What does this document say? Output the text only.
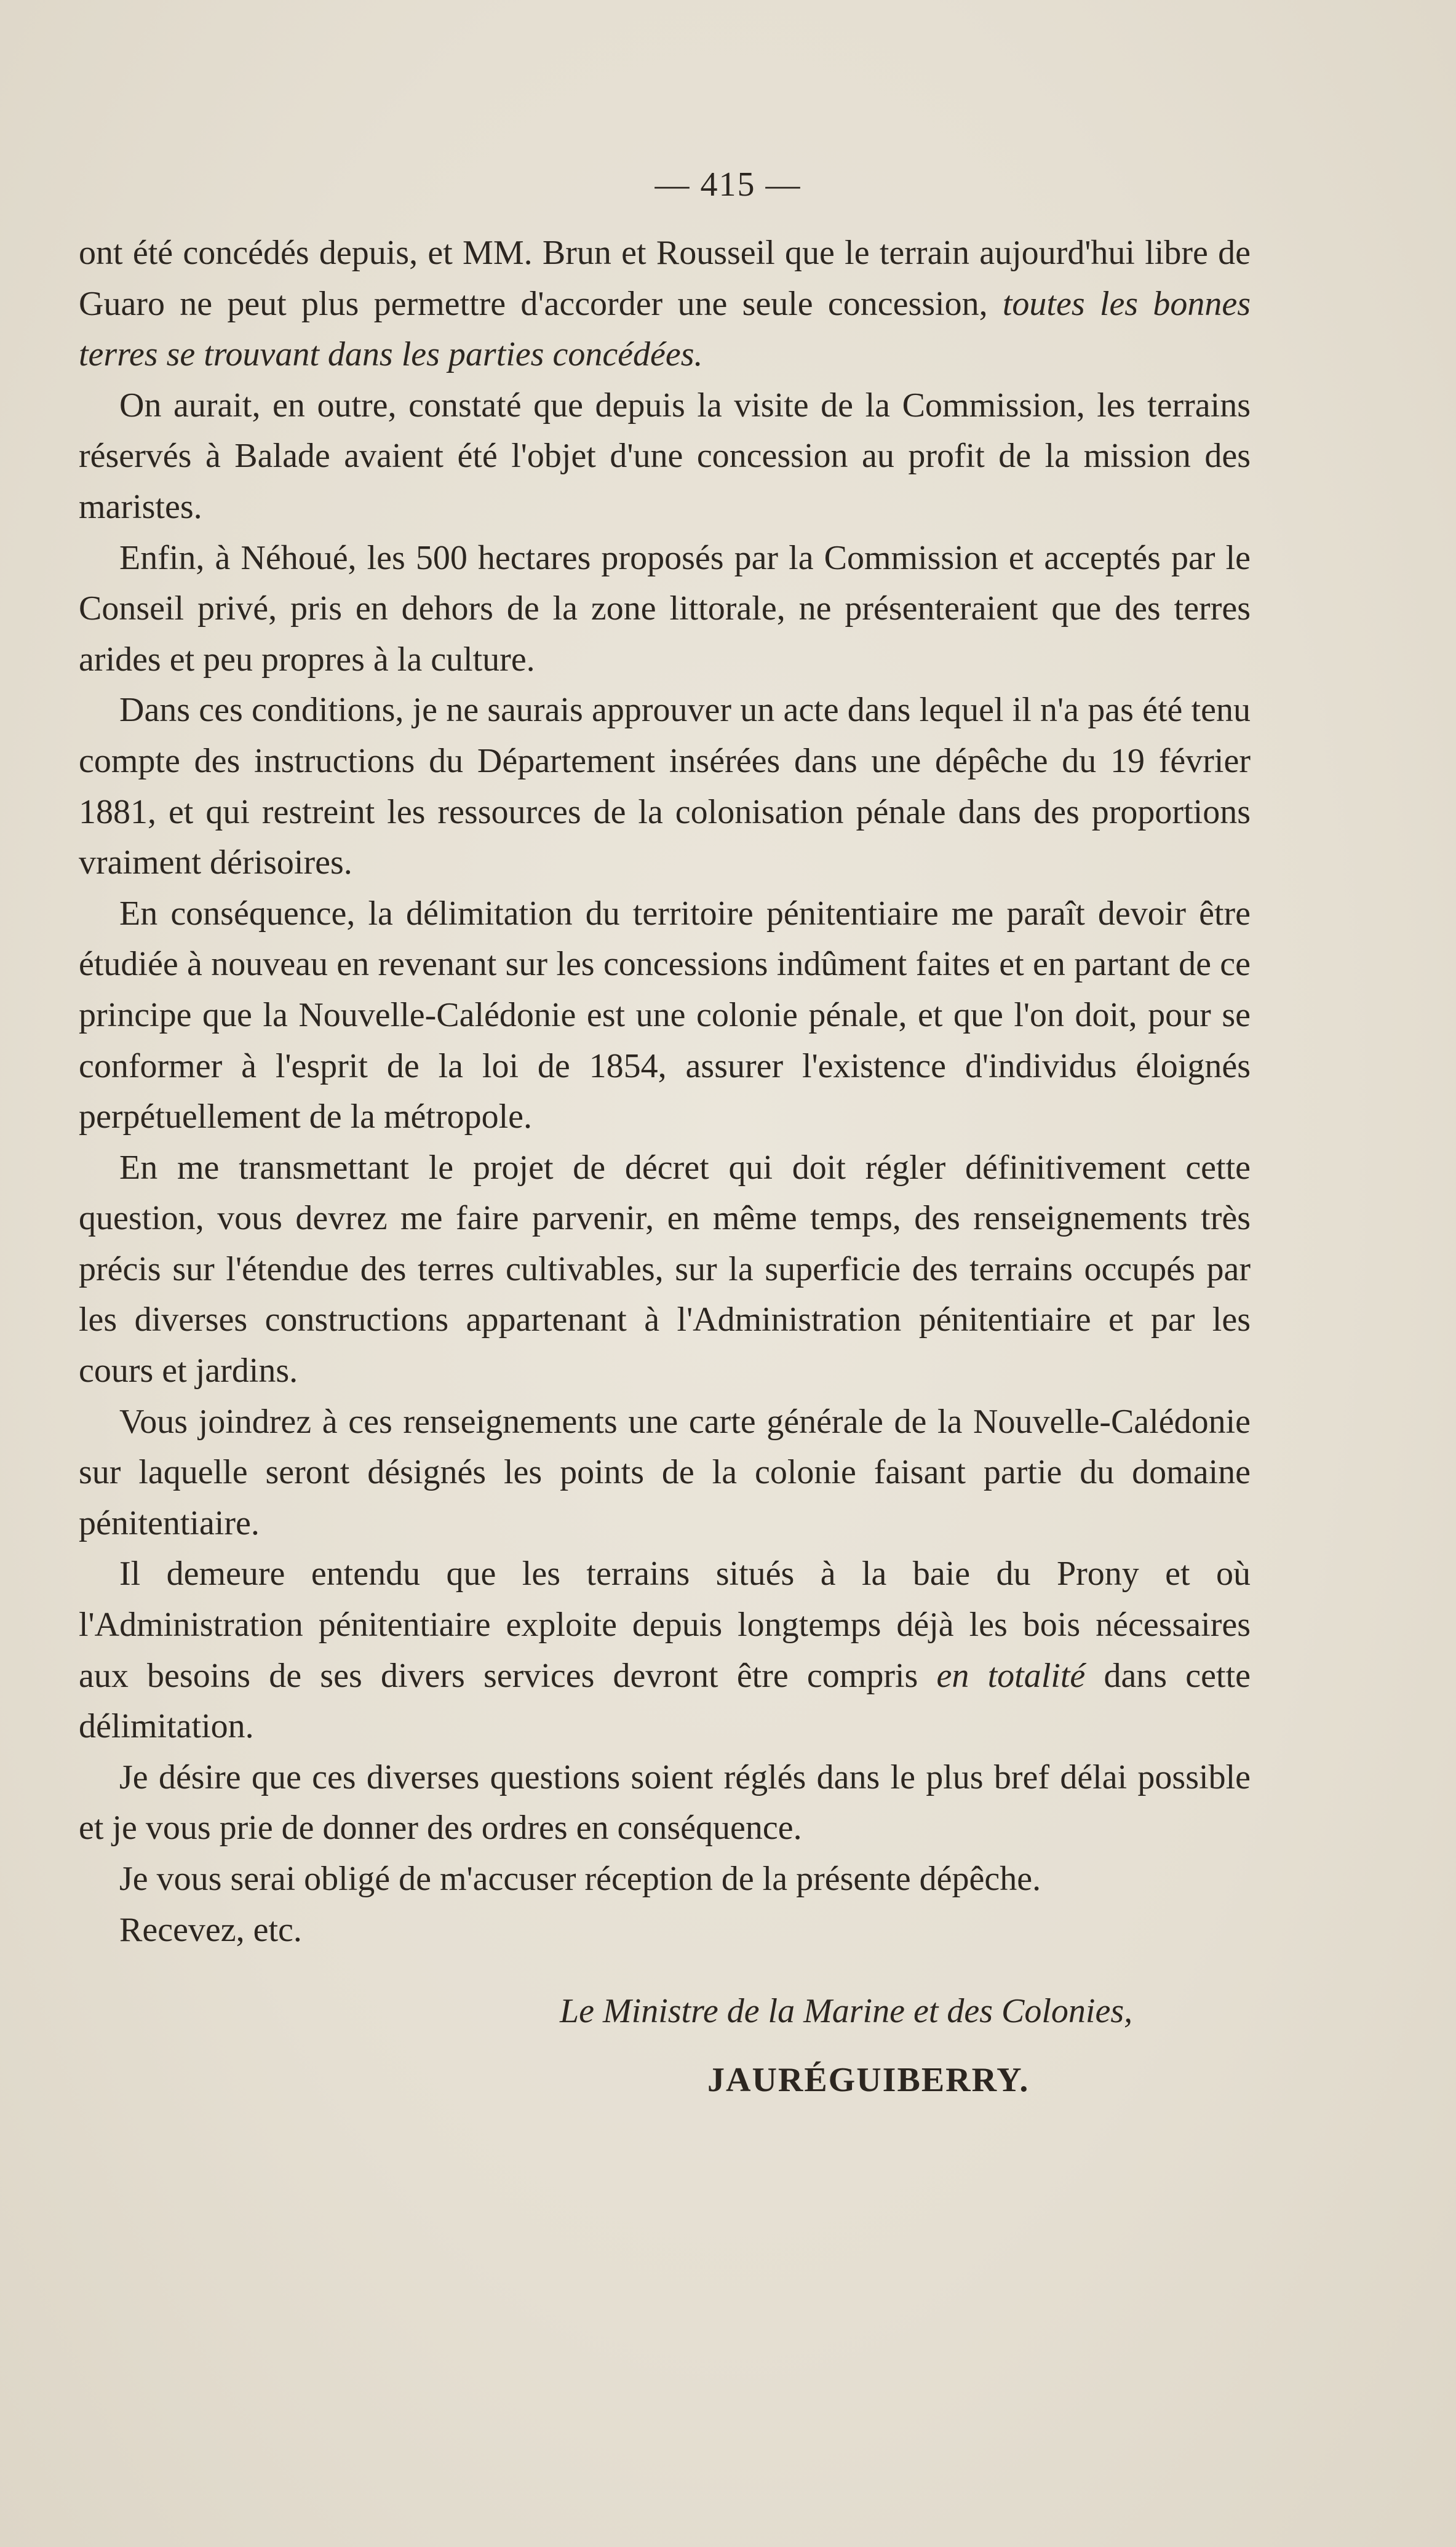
— 415 —

ont été concédés depuis, et MM. Brun et Rousseil que le terrain aujourd'hui libre de Guaro ne peut plus permettre d'accorder une seule concession, toutes les bonnes terres se trouvant dans les parties concédées.

On aurait, en outre, constaté que depuis la visite de la Commission, les terrains réservés à Balade avaient été l'objet d'une concession au profit de la mission des maristes.

Enfin, à Néhoué, les 500 hectares proposés par la Commission et acceptés par le Conseil privé, pris en dehors de la zone littorale, ne présenteraient que des terres arides et peu propres à la culture.

Dans ces conditions, je ne saurais approuver un acte dans lequel il n'a pas été tenu compte des instructions du Département insérées dans une dépêche du 19 février 1881, et qui restreint les ressources de la colonisation pénale dans des proportions vraiment dérisoires.

En conséquence, la délimitation du territoire pénitentiaire me paraît devoir être étudiée à nouveau en revenant sur les concessions indûment faites et en partant de ce principe que la Nouvelle-Calédonie est une colonie pénale, et que l'on doit, pour se conformer à l'esprit de la loi de 1854, assurer l'existence d'individus éloignés perpétuellement de la métropole.

En me transmettant le projet de décret qui doit régler définitivement cette question, vous devrez me faire parvenir, en même temps, des renseignements très précis sur l'étendue des terres cultivables, sur la superficie des terrains occupés par les diverses constructions appartenant à l'Administration pénitentiaire et par les cours et jardins.

Vous joindrez à ces renseignements une carte générale de la Nouvelle-Calédonie sur laquelle seront désignés les points de la colonie faisant partie du domaine pénitentiaire.

Il demeure entendu que les terrains situés à la baie du Prony et où l'Administration pénitentiaire exploite depuis longtemps déjà les bois nécessaires aux besoins de ses divers services devront être compris en totalité dans cette délimitation.

Je désire que ces diverses questions soient réglés dans le plus bref délai possible et je vous prie de donner des ordres en conséquence.

Je vous serai obligé de m'accuser réception de la présente dépêche.

Recevez, etc.

Le Ministre de la Marine et des Colonies,
JAURÉGUIBERRY.
